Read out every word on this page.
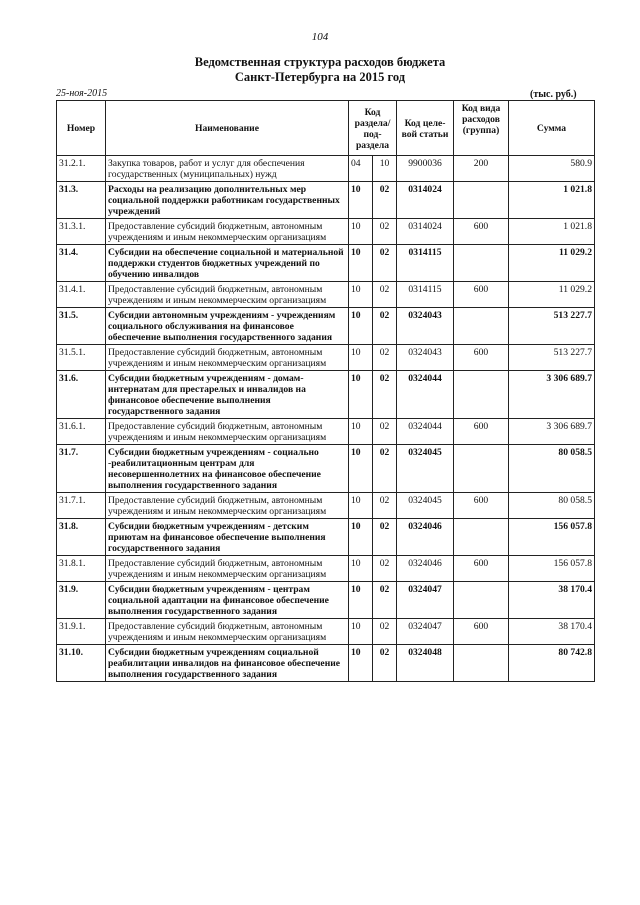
104
Ведомственная структура расходов бюджета
Санкт-Петербурга на 2015 год
25-ноя-2015	(тыс. руб.)
Номер	Наименование	Код раздела/ под-раздела		Код целе-вой статьи	Код вида расходов (группа)	Сумма
31.2.1.	Закупка товаров, работ и услуг для обеспечения государственных (муниципальных) нужд	04	10	9900036	200	580.9
31.3.	Расходы на реализацию дополнительных мер социальной поддержки работникам государственных учреждений	10	02	0314024		1 021.8
31.3.1.	Предоставление субсидий бюджетным, автономным учреждениям и иным некоммерческим организациям	10	02	0314024	600	1 021.8
31.4.	Субсидии на обеспечение социальной и материальной поддержки студентов бюджетных учреждений по обучению инвалидов	10	02	0314115		11 029.2
31.4.1.	Предоставление субсидий бюджетным, автономным учреждениям и иным некоммерческим организациям	10	02	0314115	600	11 029.2
31.5.	Субсидии автономным учреждениям - учреждениям социального обслуживания на финансовое обеспечение выполнения государственного задания	10	02	0324043		513 227.7
31.5.1.	Предоставление субсидий бюджетным, автономным учреждениям и иным некоммерческим организациям	10	02	0324043	600	513 227.7
31.6.	Субсидии бюджетным учреждениям - домам-интернатам для престарелых и инвалидов на финансовое обеспечение выполнения государственного задания	10	02	0324044		3 306 689.7
31.6.1.	Предоставление субсидий бюджетным, автономным учреждениям и иным некоммерческим организациям	10	02	0324044	600	3 306 689.7
31.7.	Субсидии бюджетным учреждениям - социально -реабилитационным центрам для несовершеннолетних на финансовое обеспечение выполнения государственного задания	10	02	0324045		80 058.5
31.7.1.	Предоставление субсидий бюджетным, автономным учреждениям и иным некоммерческим организациям	10	02	0324045	600	80 058.5
31.8.	Субсидии бюджетным учреждениям - детским приютам на финансовое обеспечение выполнения государственного задания	10	02	0324046		156 057.8
31.8.1.	Предоставление субсидий бюджетным, автономным учреждениям и иным некоммерческим организациям	10	02	0324046	600	156 057.8
31.9.	Субсидии бюджетным учреждениям - центрам социальной адаптации на финансовое обеспечение выполнения государственного задания	10	02	0324047		38 170.4
31.9.1.	Предоставление субсидий бюджетным, автономным учреждениям и иным некоммерческим организациям	10	02	0324047	600	38 170.4
31.10.	Субсидии бюджетным учреждениям социальной реабилитации инвалидов на финансовое обеспечение выполнения государственного задания	10	02	0324048		80 742.8
